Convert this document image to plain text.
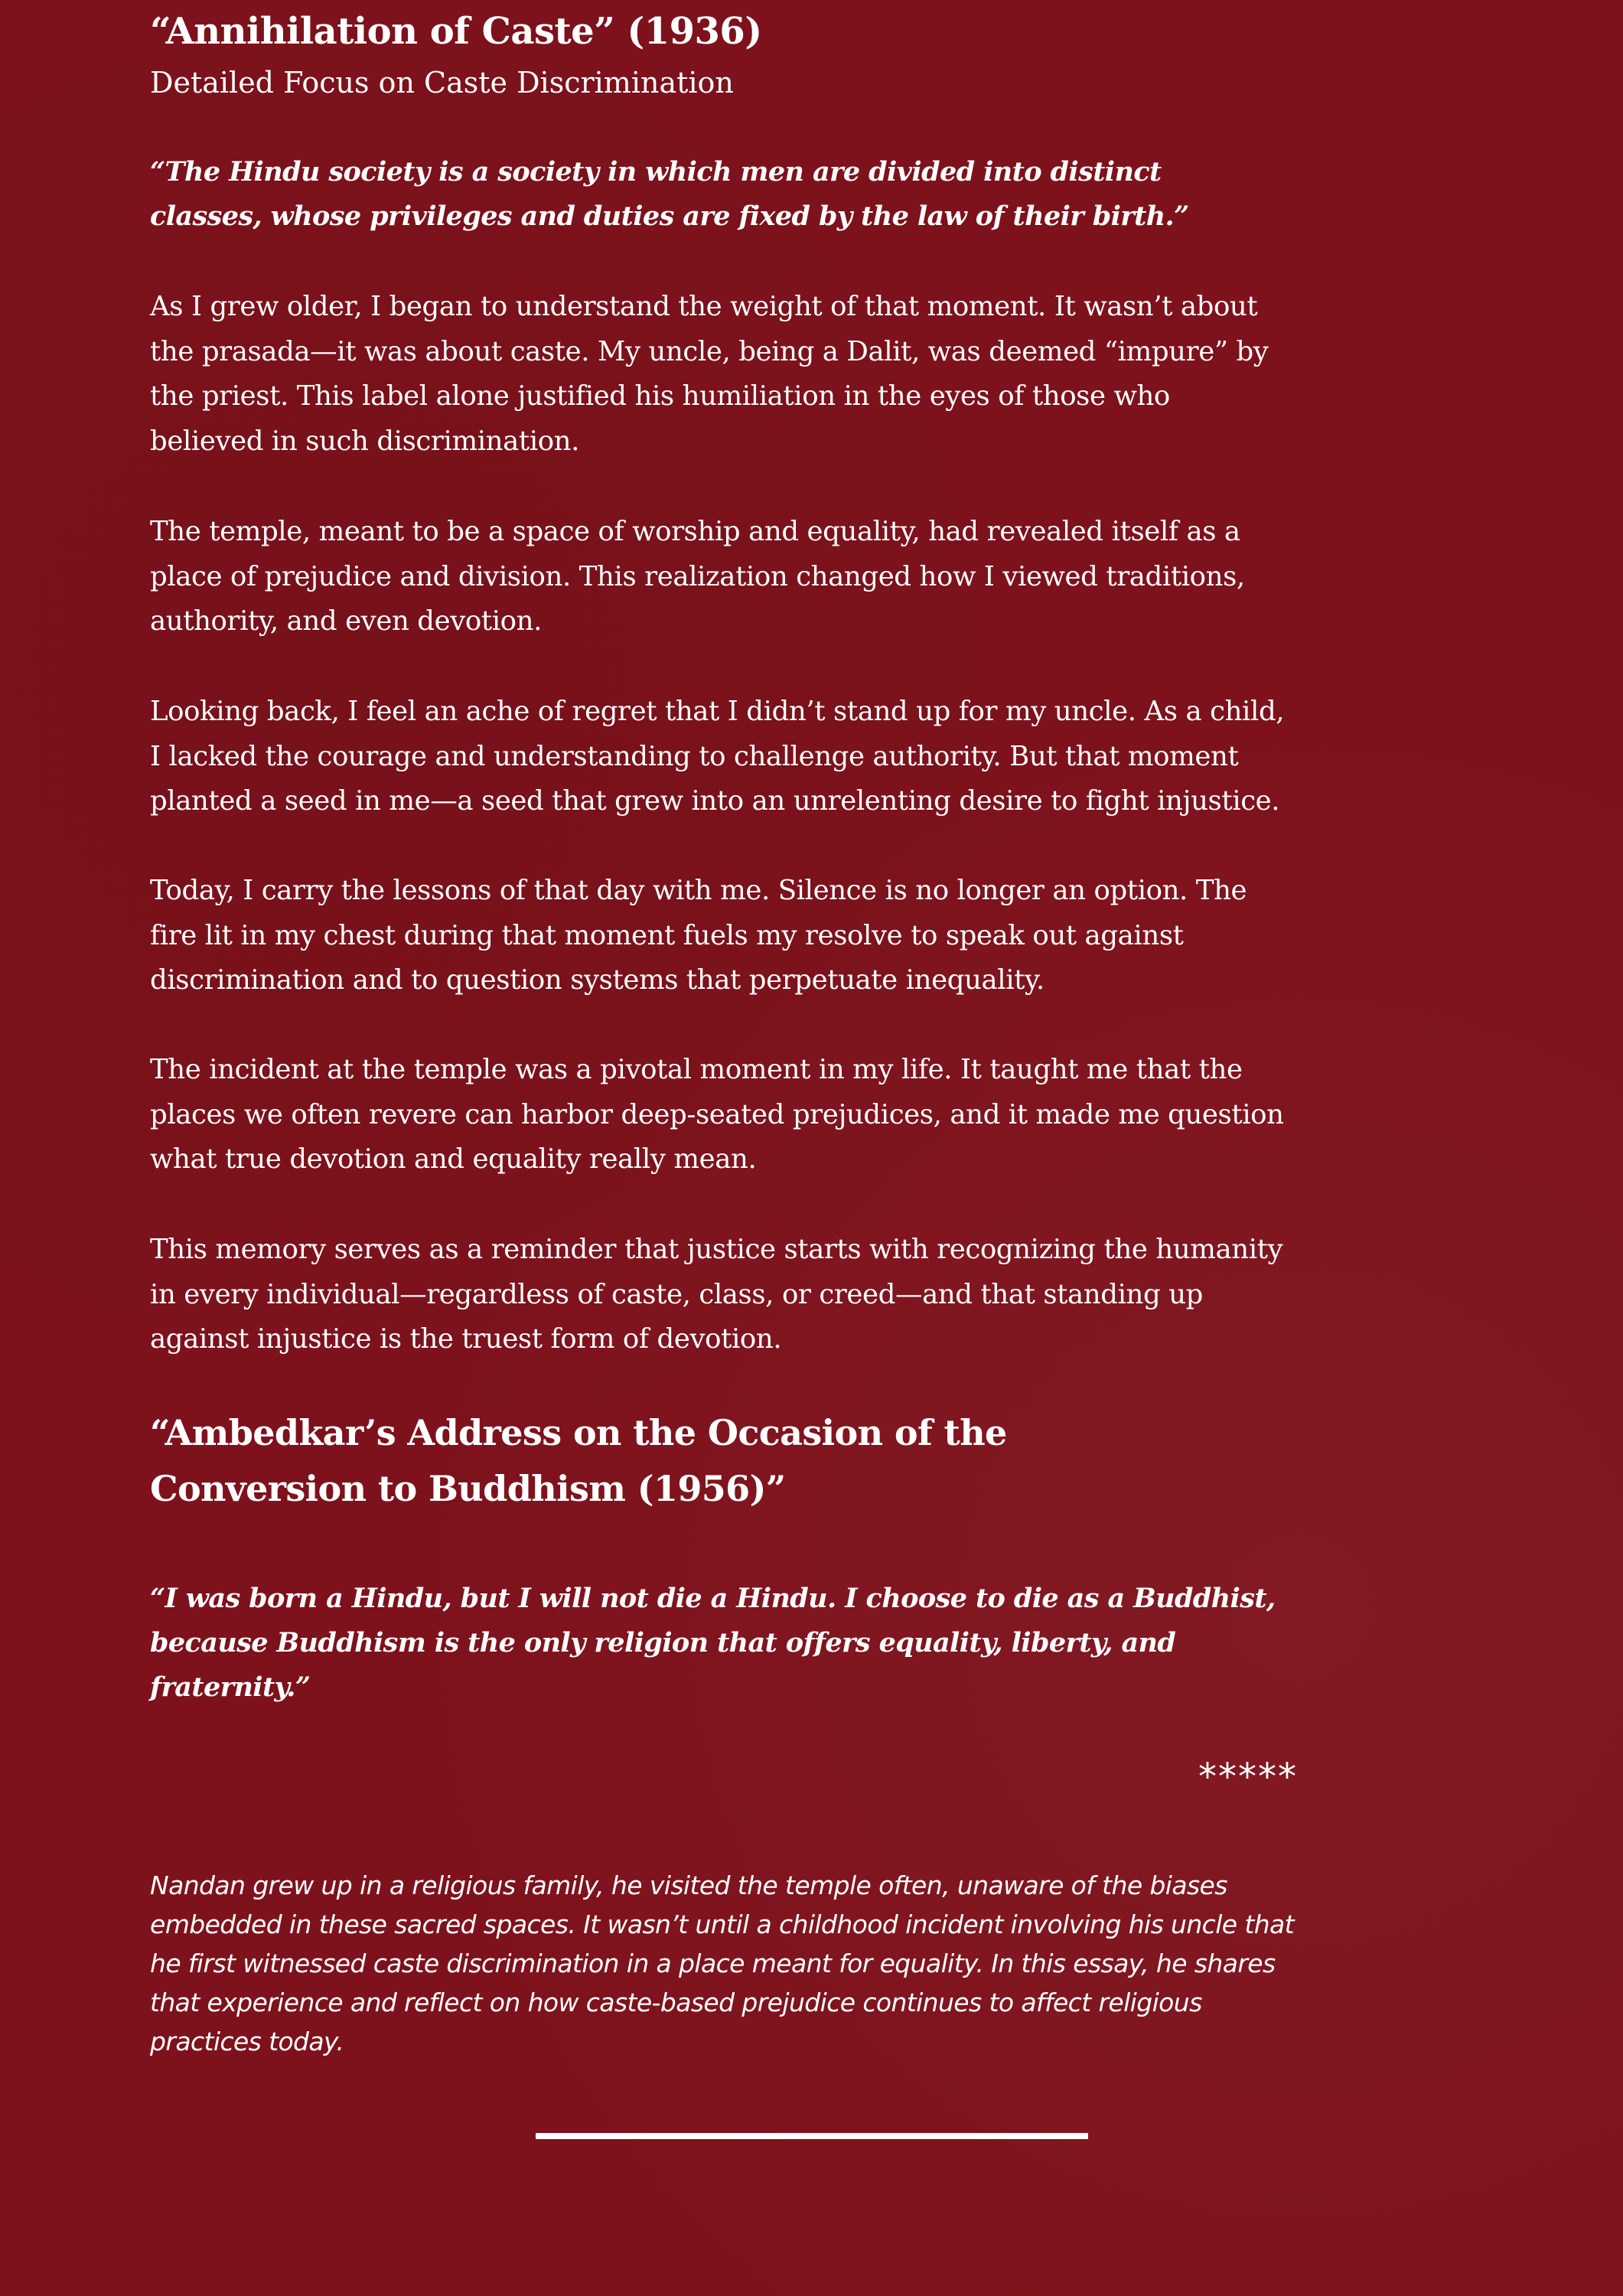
“Annihilation of Caste” (1936)

Detailed Focus on Caste Discrimination

“The Hindu society is a society in which men are divided into distinct classes, whose privileges and duties are fixed by the law of their birth.”

As I grew older, I began to understand the weight of that moment. It wasn’t about the prasada—it was about caste. My uncle, being a Dalit, was deemed “impure” by the priest. This label alone justified his humiliation in the eyes of those who believed in such discrimination.

The temple, meant to be a space of worship and equality, had revealed itself as a place of prejudice and division. This realization changed how I viewed traditions, authority, and even devotion.

Looking back, I feel an ache of regret that I didn’t stand up for my uncle. As a child, I lacked the courage and understanding to challenge authority. But that moment planted a seed in me—a seed that grew into an unrelenting desire to fight injustice.

Today, I carry the lessons of that day with me. Silence is no longer an option. The fire lit in my chest during that moment fuels my resolve to speak out against discrimination and to question systems that perpetuate inequality.

The incident at the temple was a pivotal moment in my life. It taught me that the places we often revere can harbor deep-seated prejudices, and it made me question what true devotion and equality really mean.

This memory serves as a reminder that justice starts with recognizing the humanity in every individual—regardless of caste, class, or creed—and that standing up against injustice is the truest form of devotion.

“Ambedkar’s Address on the Occasion of the Conversion to Buddhism (1956)”

“I was born a Hindu, but I will not die a Hindu. I choose to die as a Buddhist, because Buddhism is the only religion that offers equality, liberty, and fraternity.”

*****

Nandan grew up in a religious family, he visited the temple often, unaware of the biases embedded in these sacred spaces. It wasn’t until a childhood incident involving his uncle that he first witnessed caste discrimination in a place meant for equality. In this essay, he shares that experience and reflect on how caste-based prejudice continues to affect religious practices today.
